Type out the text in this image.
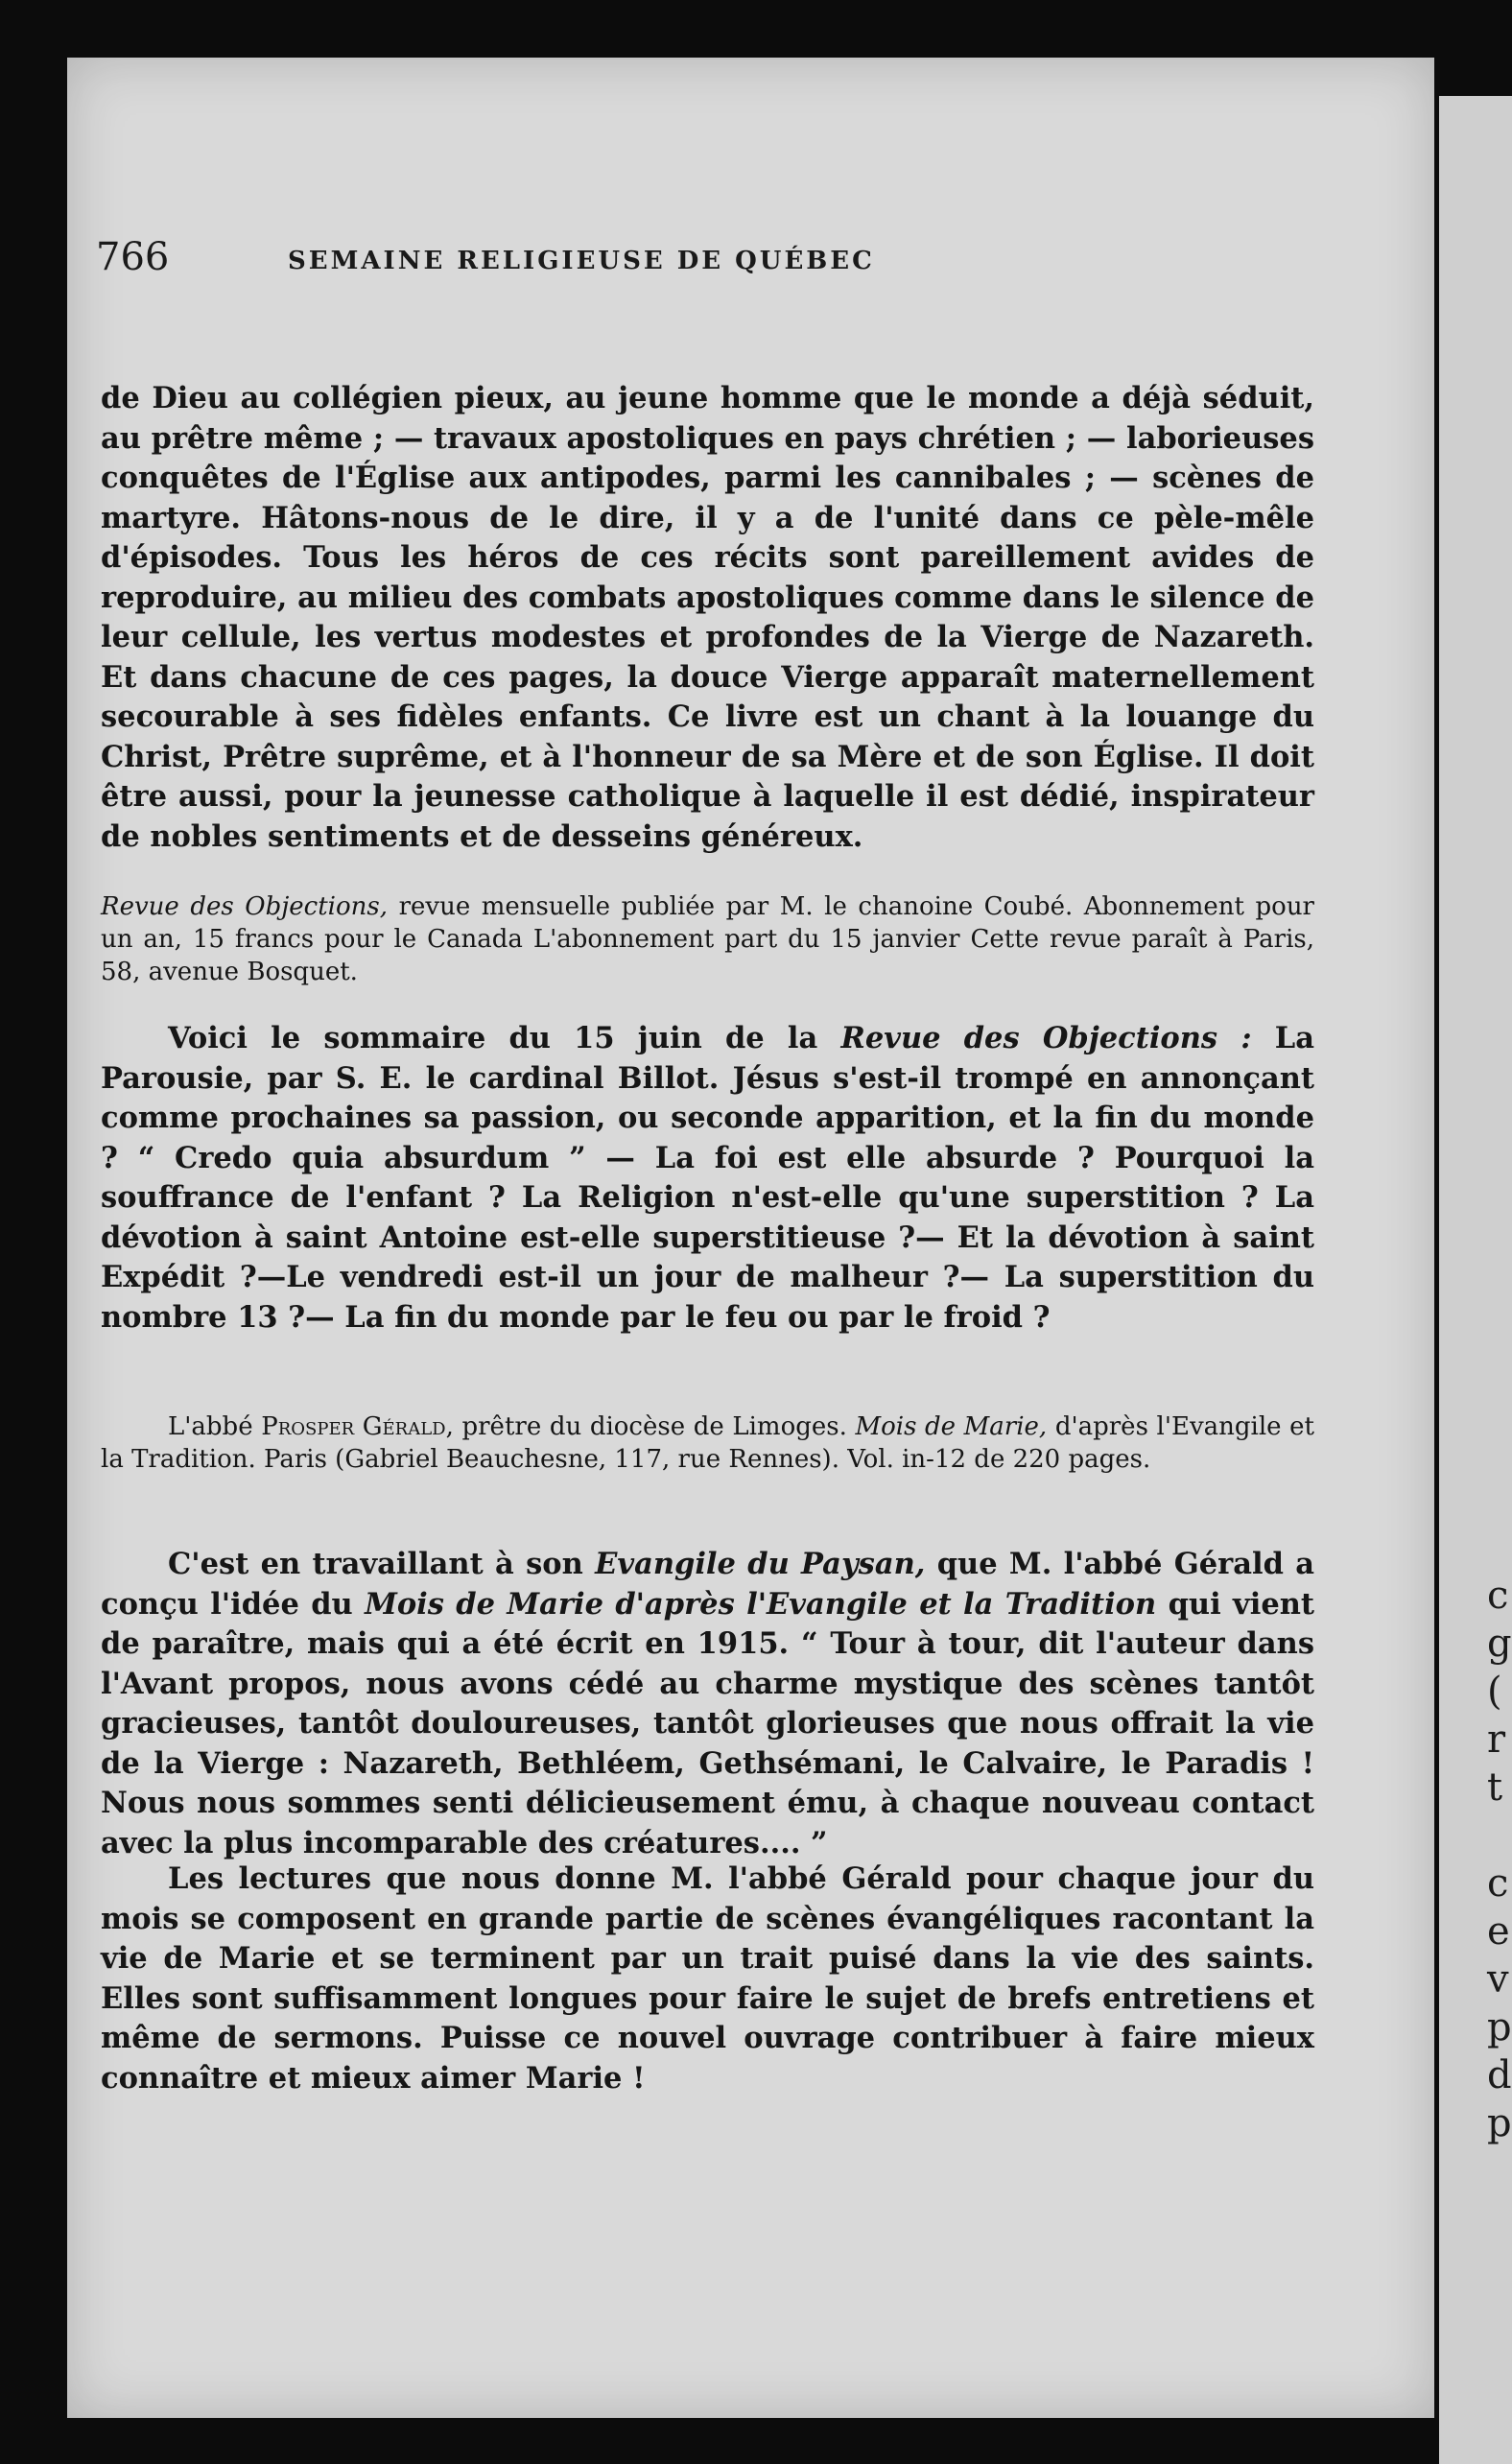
c
g
(
r
t
c
e
v
p
d
p
766	SEMAINE RELIGIEUSE DE QUÉBEC
de Dieu au collégien pieux, au jeune homme que le monde a déjà séduit, au prêtre même ; — travaux apostoliques en pays chrétien ; — laborieuses conquêtes de l'Église aux antipodes, parmi les cannibales ; — scènes de martyre. Hâtons-nous de le dire, il y a de l'unité dans ce pèle-mêle d'épisodes. Tous les héros de ces récits sont pareillement avides de reproduire, au milieu des combats apostoliques comme dans le silence de leur cellule, les vertus modestes et profondes de la Vierge de Nazareth. Et dans chacune de ces pages, la douce Vierge apparaît maternellement secourable à ses fidèles enfants. Ce livre est un chant à la louange du Christ, Prêtre suprême, et à l'honneur de sa Mère et de son Église. Il doit être aussi, pour la jeunesse catholique à laquelle il est dédié, inspirateur de nobles sentiments et de desseins généreux.
Revue des Objections, revue mensuelle publiée par M. le chanoine Coubé. Abonnement pour un an, 15 francs pour le Canada L'abonnement part du 15 janvier Cette revue paraît à Paris, 58, avenue Bosquet.
Voici le sommaire du 15 juin de la Revue des Objections : La Parousie, par S. E. le cardinal Billot. Jésus s'est-il trompé en annonçant comme prochaines sa passion, ou seconde apparition, et la fin du monde ? “ Credo quia absurdum ” — La foi est elle absurde ? Pourquoi la souffrance de l'enfant ? La Religion n'est-elle qu'une superstition ? La dévotion à saint Antoine est-elle superstitieuse ?— Et la dévotion à saint Expédit ?—Le vendredi est-il un jour de malheur ?— La superstition du nombre 13 ?— La fin du monde par le feu ou par le froid ?
L'abbé Prosper Gérald, prêtre du diocèse de Limoges. Mois de Marie, d'après l'Evangile et la Tradition. Paris (Gabriel Beauchesne, 117, rue Rennes). Vol. in-12 de 220 pages.
C'est en travaillant à son Evangile du Paysan, que M. l'abbé Gérald a conçu l'idée du Mois de Marie d'après l'Evangile et la Tradition qui vient de paraître, mais qui a été écrit en 1915. “ Tour à tour, dit l'auteur dans l'Avant propos, nous avons cédé au charme mystique des scènes tantôt gracieuses, tantôt douloureuses, tantôt glorieuses que nous offrait la vie de la Vierge : Nazareth, Bethléem, Gethsémani, le Calvaire, le Paradis ! Nous nous sommes senti délicieusement ému, à chaque nouveau contact avec la plus incomparable des créatures.... ”
Les lectures que nous donne M. l'abbé Gérald pour chaque jour du mois se composent en grande partie de scènes évangéliques racontant la vie de Marie et se terminent par un trait puisé dans la vie des saints. Elles sont suffisamment longues pour faire le sujet de brefs entretiens et même de sermons. Puisse ce nouvel ouvrage contribuer à faire mieux connaître et mieux aimer Marie !
